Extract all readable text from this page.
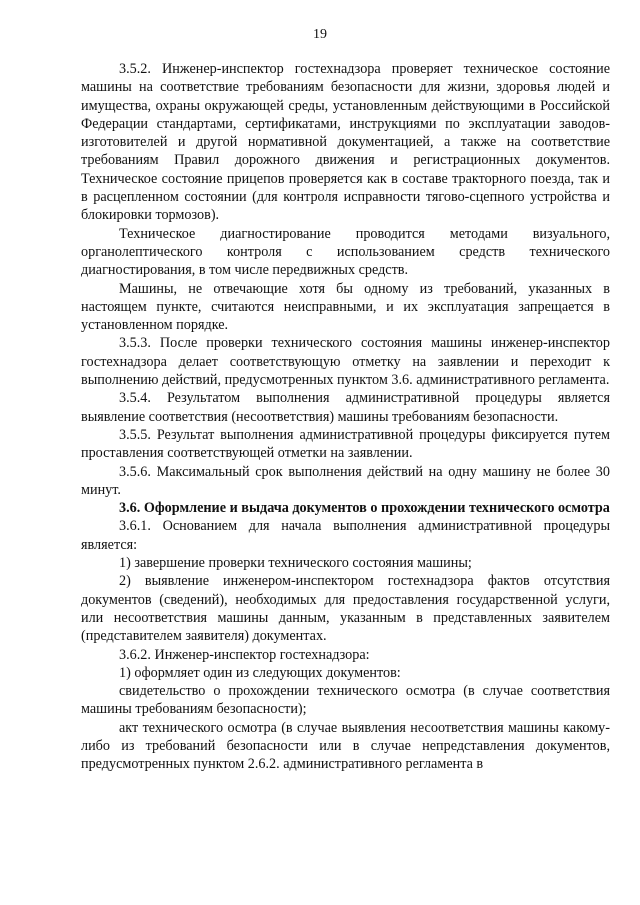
19

3.5.2. Инженер-инспектор гостехнадзора проверяет техническое состояние машины на соответствие требованиям безопасности для жизни, здоровья людей и имущества, охраны окружающей среды, установленным действующими в Российской Федерации стандартами, сертификатами, инструкциями по эксплуатации заводов-изготовителей и другой нормативной документацией, а также на соответствие требованиям Правил дорожного движения и регистрационных документов. Техническое состояние прицепов проверяется как в составе тракторного поезда, так и в расцепленном состоянии (для контроля исправности тягово-сцепного устройства и блокировки тормозов).

Техническое диагностирование проводится методами визуального, органолептического контроля с использованием средств технического диагностирования, в том числе передвижных средств.

Машины, не отвечающие хотя бы одному из требований, указанных в настоящем пункте, считаются неисправными, и их эксплуатация запрещается в установленном порядке.

3.5.3. После проверки технического состояния машины инженер-инспектор гостехнадзора делает соответствующую отметку на заявлении и переходит к выполнению действий, предусмотренных пунктом 3.6. административного регламента.

3.5.4. Результатом выполнения административной процедуры является выявление соответствия (несоответствия) машины требованиям безопасности.

3.5.5. Результат выполнения административной процедуры фиксируется путем проставления соответствующей отметки на заявлении.

3.5.6. Максимальный срок выполнения действий на одну машину не более 30 минут.

3.6. Оформление и выдача документов о прохождении технического осмотра

3.6.1. Основанием для начала выполнения административной процедуры является:

1) завершение проверки технического состояния машины;

2) выявление инженером-инспектором гостехнадзора фактов отсутствия документов (сведений), необходимых для предоставления государственной услуги, или несоответствия машины данным, указанным в представленных заявителем (представителем заявителя) документах.

3.6.2. Инженер-инспектор гостехнадзора:

1) оформляет один из следующих документов:

свидетельство о прохождении технического осмотра (в случае соответствия машины требованиям безопасности);

акт технического осмотра (в случае выявления несоответствия машины какому-либо из требований безопасности или в случае непредставления документов, предусмотренных пунктом 2.6.2. административного регламента в
